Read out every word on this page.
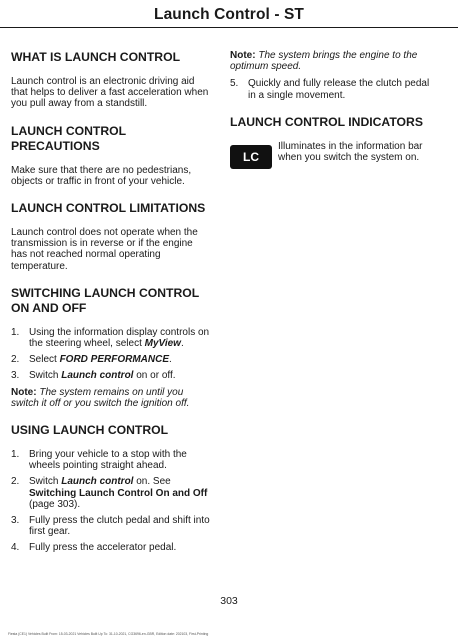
Launch Control - ST
WHAT IS LAUNCH CONTROL

Launch control is an electronic driving aid that helps to deliver a fast acceleration when you pull away from a standstill.

LAUNCH CONTROL PRECAUTIONS

Make sure that there are no pedestrians, objects or traffic in front of your vehicle.

LAUNCH CONTROL LIMITATIONS

Launch control does not operate when the transmission is in reverse or if the engine has not reached normal operating temperature.

SWITCHING LAUNCH CONTROL ON AND OFF
1. Using the information display controls on the steering wheel, select MyView.
2. Select FORD PERFORMANCE.
3. Switch Launch control on or off.

Note: The system remains on until you switch it off or you switch the ignition off.

USING LAUNCH CONTROL
1. Bring your vehicle to a stop with the wheels pointing straight ahead.
2. Switch Launch control on. See Switching Launch Control On and Off (page 303).
3. Fully press the clutch pedal and shift into first gear.
4. Fully press the accelerator pedal.

Note: The system brings the engine to the optimum speed.

5. Quickly and fully release the clutch pedal in a single movement.
LAUNCH CONTROL INDICATORS
LC
Illuminates in the information bar when you switch the system on.
303
Fiesta (CE1) Vehicles Built From: 15-03-2021 Vehicles Built Up To: 31-10-2021, CG3696-en-GBR, Edition date: 202103, First-Printing
